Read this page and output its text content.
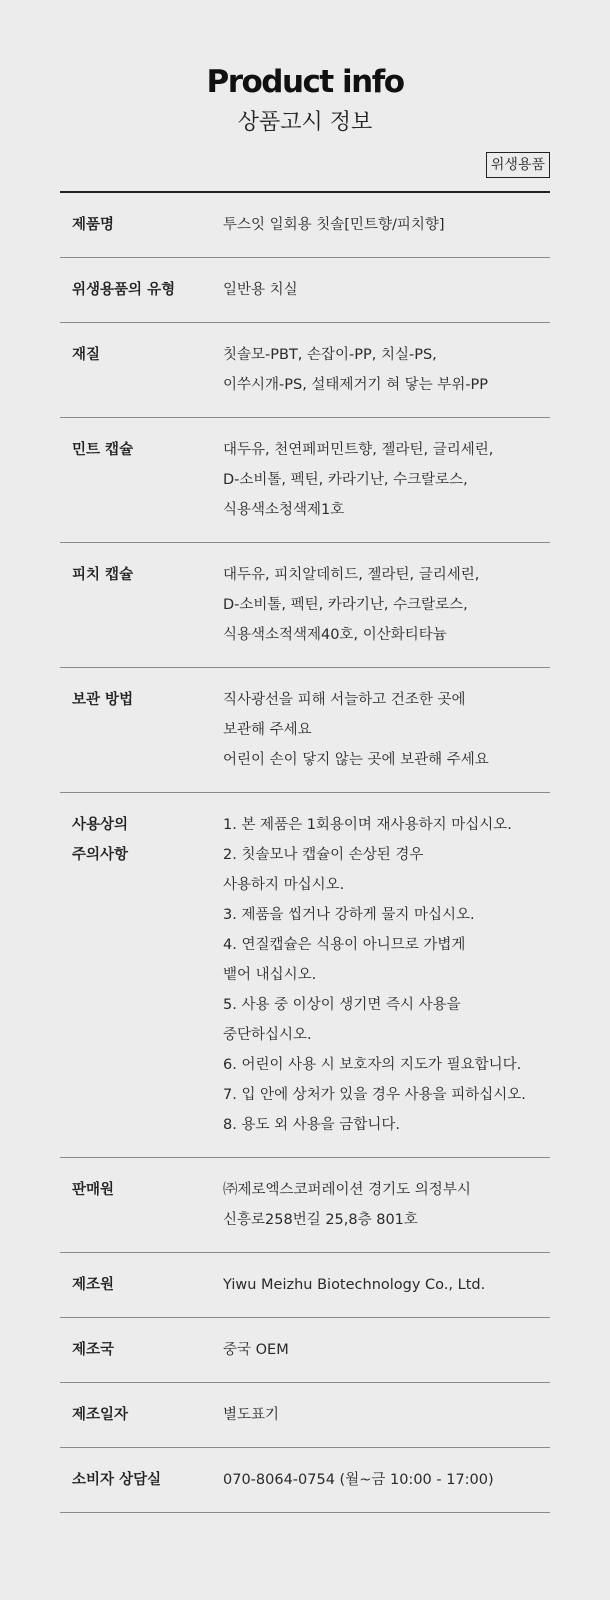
Product info
상품고시 정보
위생용품
제품명	투스잇 일회용 칫솔[민트향/피치향]
위생용품의 유형	일반용 치실
재질	칫솔모-PBT, 손잡이-PP, 치실-PS,
이쑤시개-PS, 설태제거기 혀 닿는 부위-PP
민트 캡슐	대두유, 천연페퍼민트향, 젤라틴, 글리세린,
D-소비톨, 펙틴, 카라기난, 수크랄로스,
식용색소청색제1호
피치 캡슐	대두유, 피치알데히드, 젤라틴, 글리세린,
D-소비톨, 펙틴, 카라기난, 수크랄로스,
식용색소적색제40호, 이산화티타늄
보관 방법	직사광선을 피해 서늘하고 건조한 곳에
보관해 주세요
어린이 손이 닿지 않는 곳에 보관해 주세요
사용상의
주의사항
1. 본 제품은 1회용이며 재사용하지 마십시오.
2. 칫솔모나 캡슐이 손상된 경우
사용하지 마십시오.
3. 제품을 씹거나 강하게 물지 마십시오.
4. 연질캡슐은 식용이 아니므로 가볍게
뱉어 내십시오.
5. 사용 중 이상이 생기면 즉시 사용을
중단하십시오.
6. 어린이 사용 시 보호자의 지도가 필요합니다.
7. 입 안에 상처가 있을 경우 사용을 피하십시오.
8. 용도 외 사용을 금합니다.
판매원	㈜제로엑스코퍼레이션 경기도 의정부시
신흥로258번길 25,8층 801호
제조원	Yiwu Meizhu Biotechnology Co., Ltd.
제조국	중국 OEM
제조일자	별도표기
소비자 상담실	070-8064-0754 (월~금 10:00 - 17:00)
